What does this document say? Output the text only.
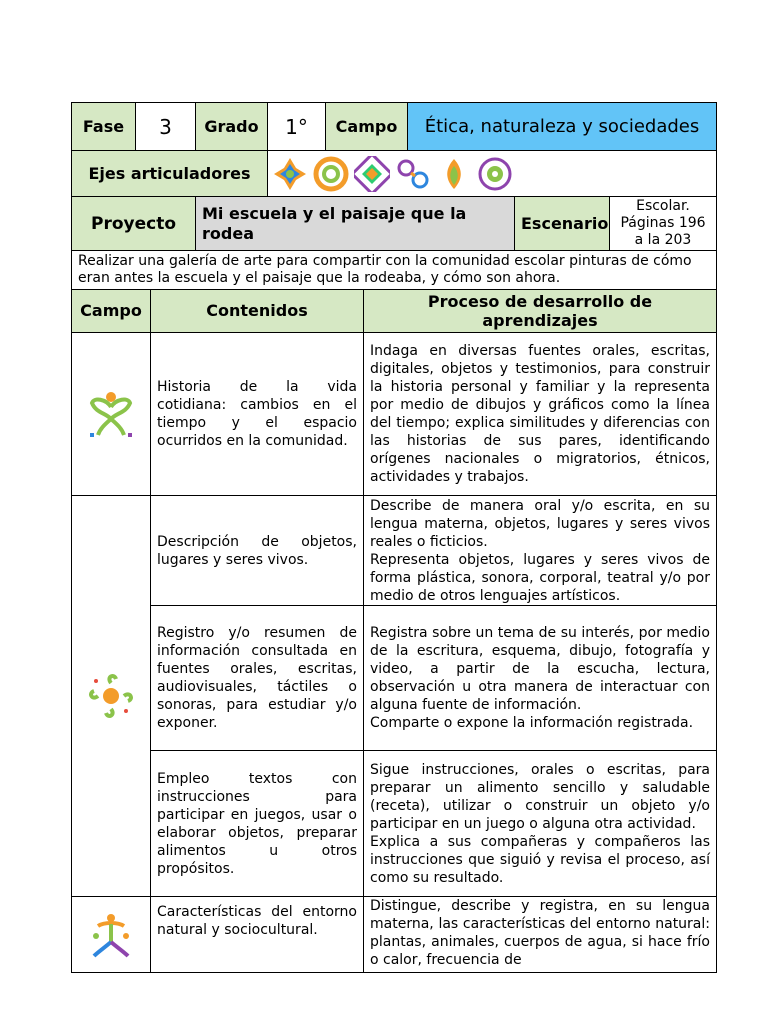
Fase	3	Grado	1°	Campo	Ética, naturaleza y sociedades		
Ejes articuladores	
Proyecto		Mi escuela y el paisaje que la rodea				Escenario	Escolar. Páginas 196 a la 203
Realizar una galería de arte para compartir con la comunidad escolar pinturas de cómo eran antes la escuela y el paisaje que la rodeaba, y cómo son ahora.		
Campo	Contenidos	Proceso de desarrollo de aprendizajes
	Historia de la vida cotidiana: cambios en el tiempo y el espacio ocurridos en la comunidad.	Indaga en diversas fuentes orales, escritas, digitales, objetos y testimonios, para construir la historia personal y familiar y la representa por medio de dibujos y gráficos como la línea del tiempo; explica similitudes y diferencias con las historias de sus pares, identificando orígenes nacionales o migratorios, étnicos, actividades y trabajos.

	Descripción de objetos, lugares y seres vivos.	Describe de manera oral y/o escrita, en su lengua materna, objetos, lugares y seres vivos reales o ficticios.

Representa objetos, lugares y seres vivos de forma plástica, sonora, corporal, teatral y/o por medio de otros lenguajes artísticos.

	Registro y/o resumen de información consultada en fuentes orales, escritas, audiovisuales, táctiles o sonoras, para estudiar y/o exponer.	Registra sobre un tema de su interés, por medio de la escritura, esquema, dibujo, fotografía y video, a partir de la escucha, lectura, observación u otra manera de interactuar con alguna fuente de información.

Comparte o expone la información registrada.

	Empleo textos con instrucciones para participar en juegos, usar o elaborar objetos, preparar alimentos u otros propósitos.	Sigue instrucciones, orales o escritas, para preparar un alimento sencillo y saludable (receta), utilizar o construir un objeto y/o participar en un juego o alguna otra actividad.

Explica a sus compañeras y compañeros las instrucciones que siguió y revisa el proceso, así como su resultado.

	Características del entorno natural y sociocultural.	Distingue, describe y registra, en su lengua materna, las características del entorno natural: plantas, animales, cuerpos de agua, si hace frío o calor, frecuencia de
